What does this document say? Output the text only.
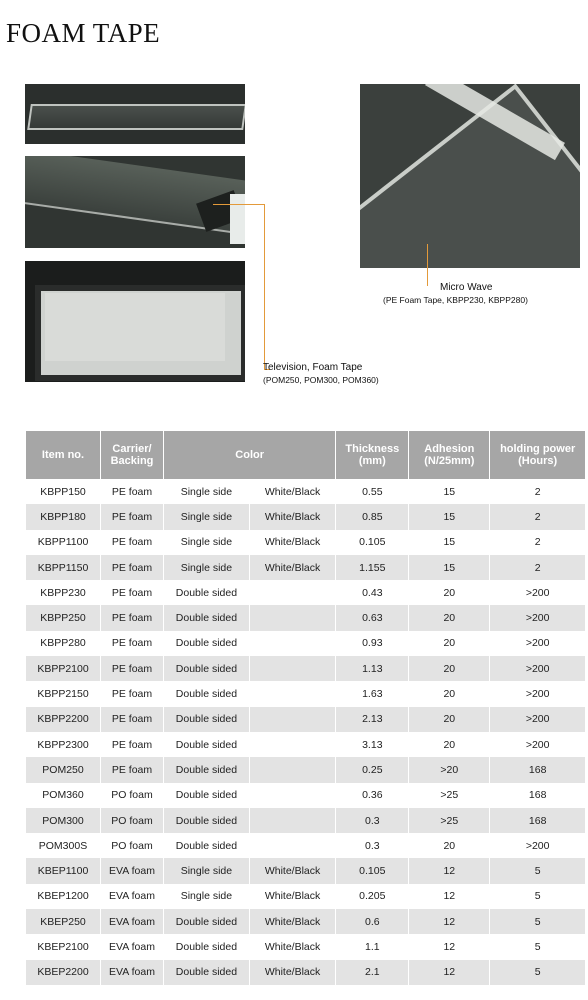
FOAM TAPE
Micro Wave
(PE Foam Tape, KBPP230, KBPP280)
Television, Foam Tape
(POM250, POM300, POM360)
Item no.	Carrier/ Backing	Color		Thickness (mm)	Adhesion (N/25mm)	holding power (Hours)
KBPP150	PE foam	Single side	White/Black	0.55	15	2
KBPP180	PE foam	Single side	White/Black	0.85	15	2
KBPP1100	PE foam	Single side	White/Black	0.105	15	2
KBPP1150	PE foam	Single side	White/Black	1.155	15	2
KBPP230	PE foam	Double sided		0.43	20	>200
KBPP250	PE foam	Double sided		0.63	20	>200
KBPP280	PE foam	Double sided		0.93	20	>200
KBPP2100	PE foam	Double sided		1.13	20	>200
KBPP2150	PE foam	Double sided		1.63	20	>200
KBPP2200	PE foam	Double sided		2.13	20	>200
KBPP2300	PE foam	Double sided		3.13	20	>200
POM250	PE foam	Double sided		0.25	>20	168
POM360	PO foam	Double sided		0.36	>25	168
POM300	PO foam	Double sided		0.3	>25	168
POM300S	PO foam	Double sided		0.3	20	>200
KBEP1100	EVA foam	Single side	White/Black	0.105	12	5
KBEP1200	EVA foam	Single side	White/Black	0.205	12	5
KBEP250	EVA foam	Double sided	White/Black	0.6	12	5
KBEP2100	EVA foam	Double sided	White/Black	1.1	12	5
KBEP2200	EVA foam	Double sided	White/Black	2.1	12	5
